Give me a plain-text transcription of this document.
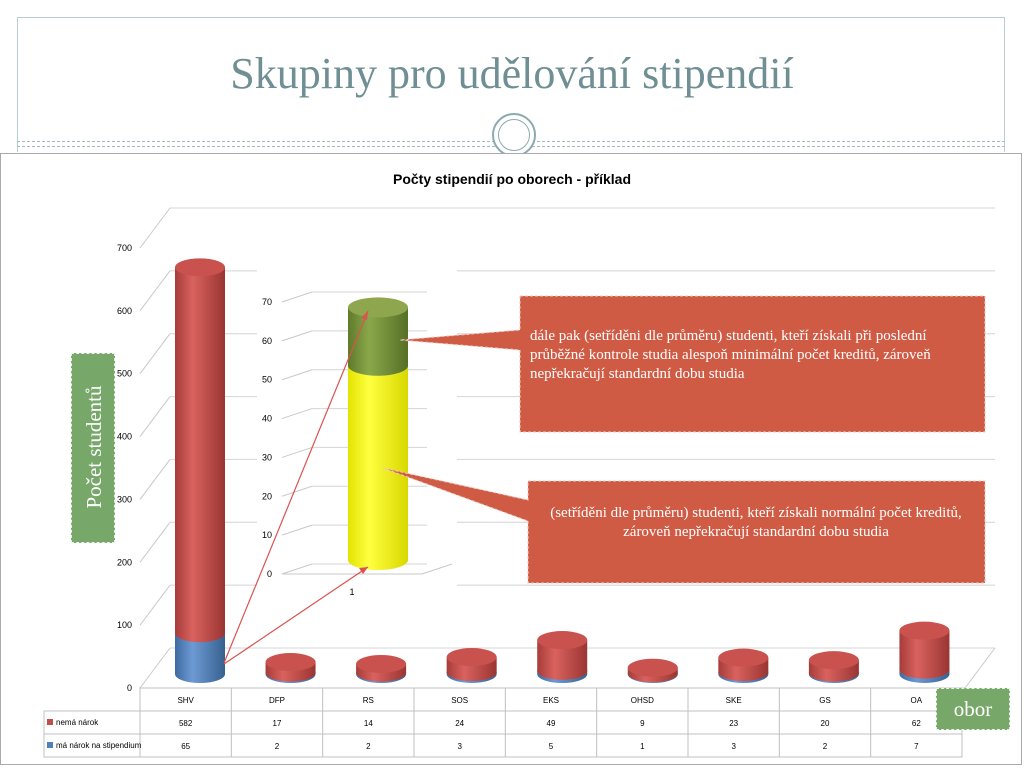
Skupiny pro udělování stipendií
Počty stipendií po oborech - příklad
0
100
200
300
400
500
600
700
0
10
20
30
40
50
60
70
1
SHV
582
65
DFP
17
2
RS
14
2
SOS
24
3
EKS
49
5
OHSD
9
1
SKE
23
3
GS
20
2
OA
62
7
nemá nárok
má nárok na stipendium
dále pak (setříděni dle průměru) studenti, kteří získali při poslední průběžné kontrole studia alespoň minimální počet kreditů, zároveň nepřekračují standardní dobu studia
(setříděni dle průměru) studenti, kteří získali normální počet kreditů, zároveň nepřekračují standardní dobu studia
Počet studentů
obor
